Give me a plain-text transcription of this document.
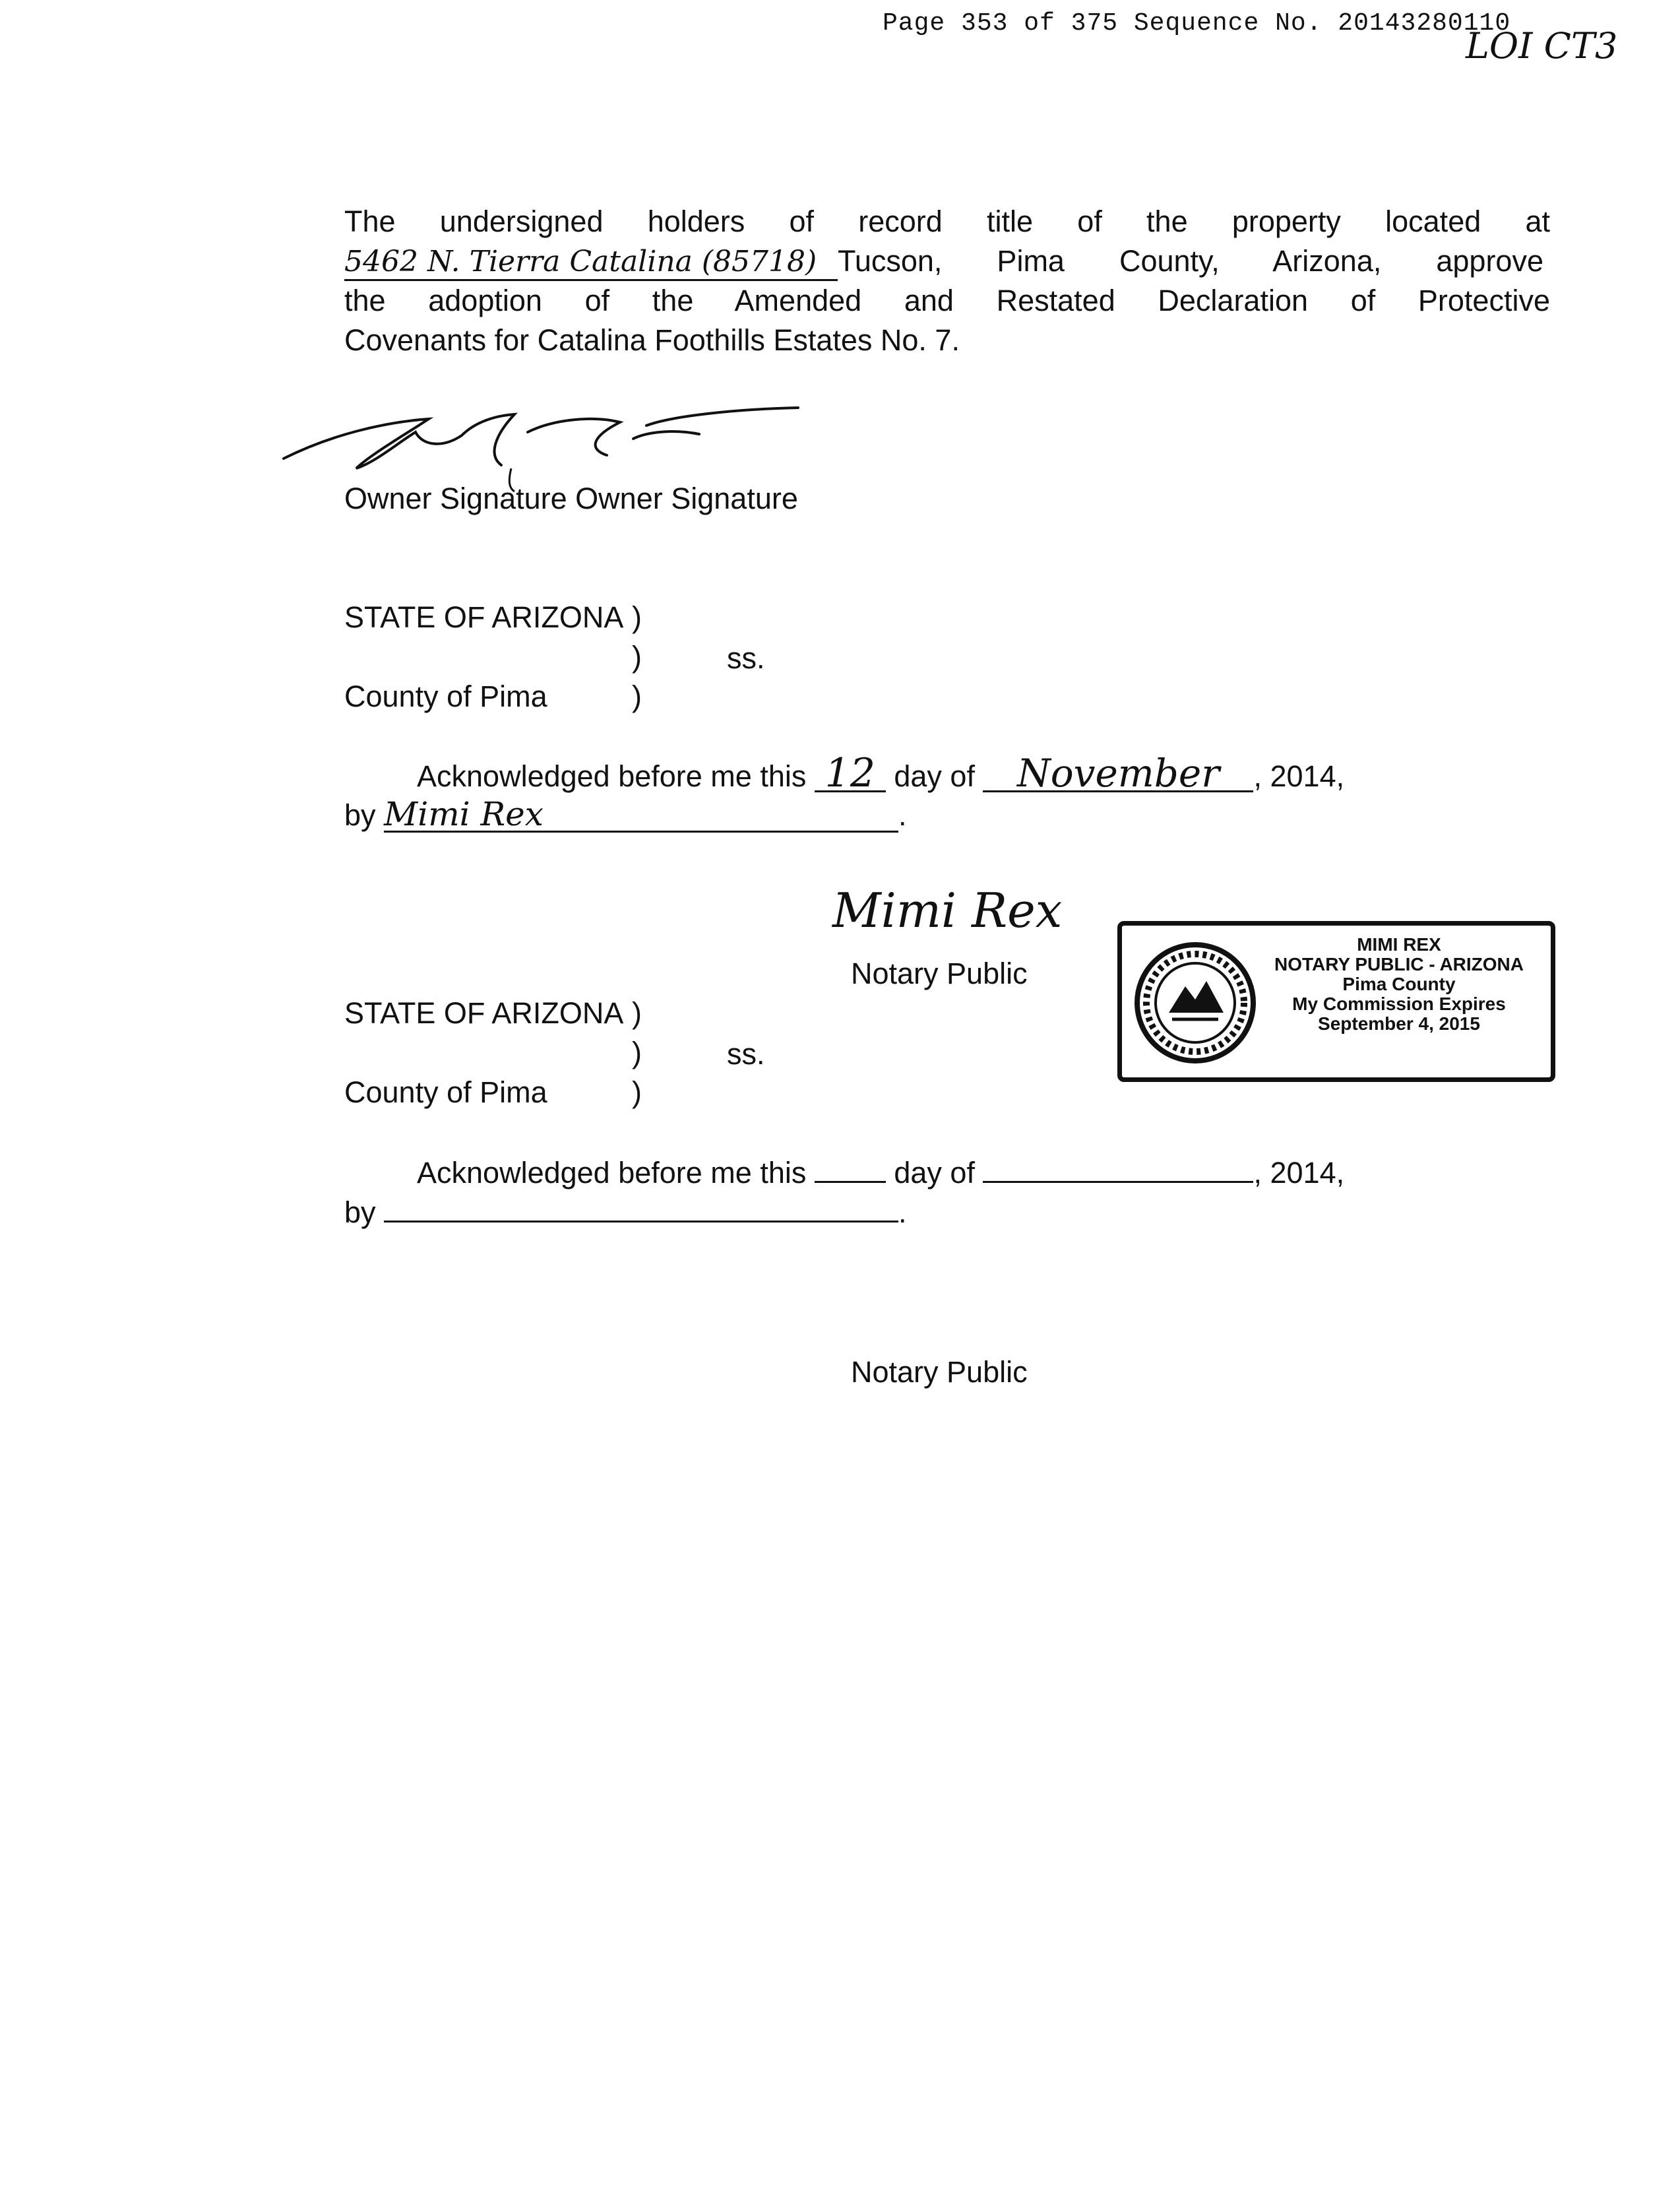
Page 353 of 375 Sequence No. 20143280110
LOI CT3
The undersigned holders of record title of the property located at
5462 N. Tierra Catalina (85718) Tucson, Pima County, Arizona, approve
the adoption of the Amended and Restated Declaration of Protective
Covenants for Catalina Foothills Estates No. 7.
Owner Signature Owner Signature
STATE OF ARIZONA )
)	ss.
County of Pima	)
Acknowledged before me this 12 day of November , 2014,
by Mimi Rex	.
Mimi Rex
Notary Public
MIMI REX
NOTARY PUBLIC - ARIZONA
Pima County
My Commission Expires
September 4, 2015
STATE OF ARIZONA )
)	ss.
County of Pima	)
Acknowledged before me this	day of	, 2014,
by	.
Notary Public
